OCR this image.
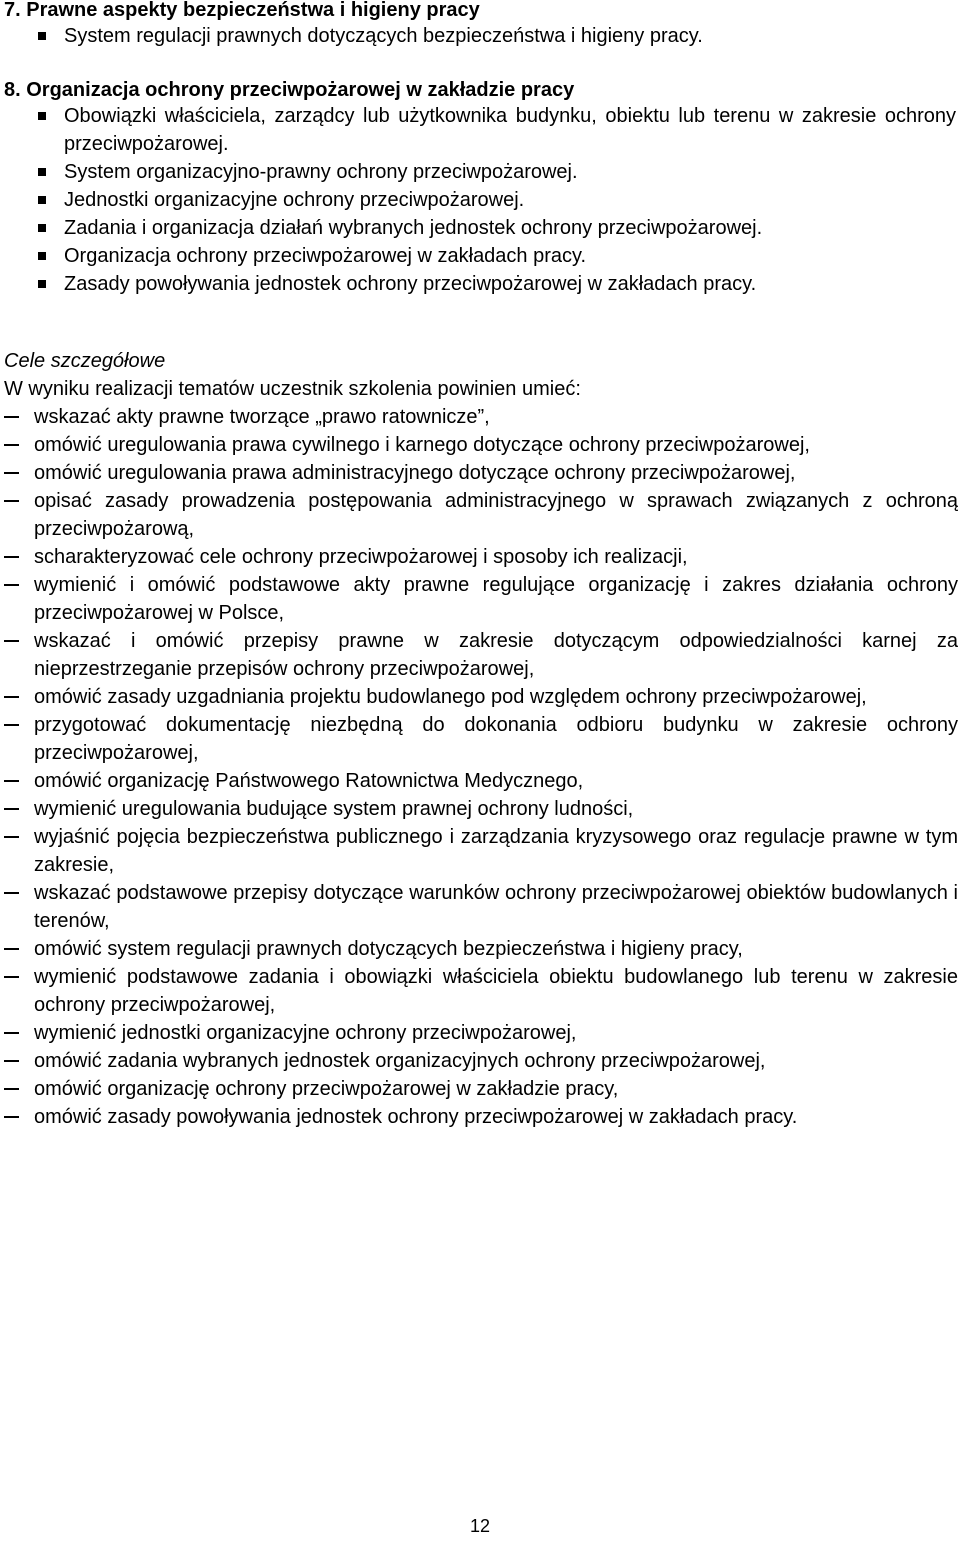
7. Prawne aspekty bezpieczeństwa i higieny pracy
System regulacji prawnych dotyczących bezpieczeństwa i higieny pracy.
8. Organizacja ochrony przeciwpożarowej w zakładzie pracy
Obowiązki właściciela, zarządcy lub użytkownika budynku, obiektu lub terenu w zakresie ochrony przeciwpożarowej.
System organizacyjno-prawny ochrony przeciwpożarowej.
Jednostki organizacyjne ochrony przeciwpożarowej.
Zadania i organizacja działań wybranych jednostek ochrony przeciwpożarowej.
Organizacja ochrony przeciwpożarowej w zakładach pracy.
Zasady powoływania jednostek ochrony przeciwpożarowej w zakładach pracy.
Cele szczegółowe
W wyniku realizacji tematów uczestnik szkolenia powinien umieć:
wskazać akty prawne tworzące „prawo ratownicze”,
omówić uregulowania prawa cywilnego i karnego dotyczące ochrony przeciwpożarowej,
omówić uregulowania prawa administracyjnego dotyczące ochrony przeciwpożarowej,
opisać zasady prowadzenia postępowania administracyjnego w sprawach związanych z ochroną przeciwpożarową,
scharakteryzować cele ochrony przeciwpożarowej i sposoby ich realizacji,
wymienić i omówić podstawowe akty prawne regulujące organizację i zakres działania ochrony przeciwpożarowej w Polsce,
wskazać i omówić przepisy prawne w zakresie dotyczącym odpowiedzialności karnej za nieprzestrzeganie przepisów ochrony przeciwpożarowej,
omówić zasady uzgadniania projektu budowlanego pod względem ochrony przeciwpożarowej,
przygotować dokumentację niezbędną do dokonania odbioru budynku w zakresie ochrony przeciwpożarowej,
omówić organizację Państwowego Ratownictwa Medycznego,
wymienić uregulowania budujące system prawnej ochrony ludności,
wyjaśnić pojęcia bezpieczeństwa publicznego i zarządzania kryzysowego oraz regulacje prawne w tym zakresie,
wskazać podstawowe przepisy dotyczące warunków ochrony przeciwpożarowej obiektów budowlanych i terenów,
omówić system regulacji prawnych dotyczących bezpieczeństwa i higieny pracy,
wymienić podstawowe zadania i obowiązki właściciela obiektu budowlanego lub terenu w zakresie ochrony przeciwpożarowej,
wymienić jednostki organizacyjne ochrony przeciwpożarowej,
omówić zadania wybranych jednostek organizacyjnych ochrony przeciwpożarowej,
omówić organizację ochrony przeciwpożarowej w zakładzie pracy,
omówić zasady powoływania jednostek ochrony przeciwpożarowej w zakładach pracy.
12
